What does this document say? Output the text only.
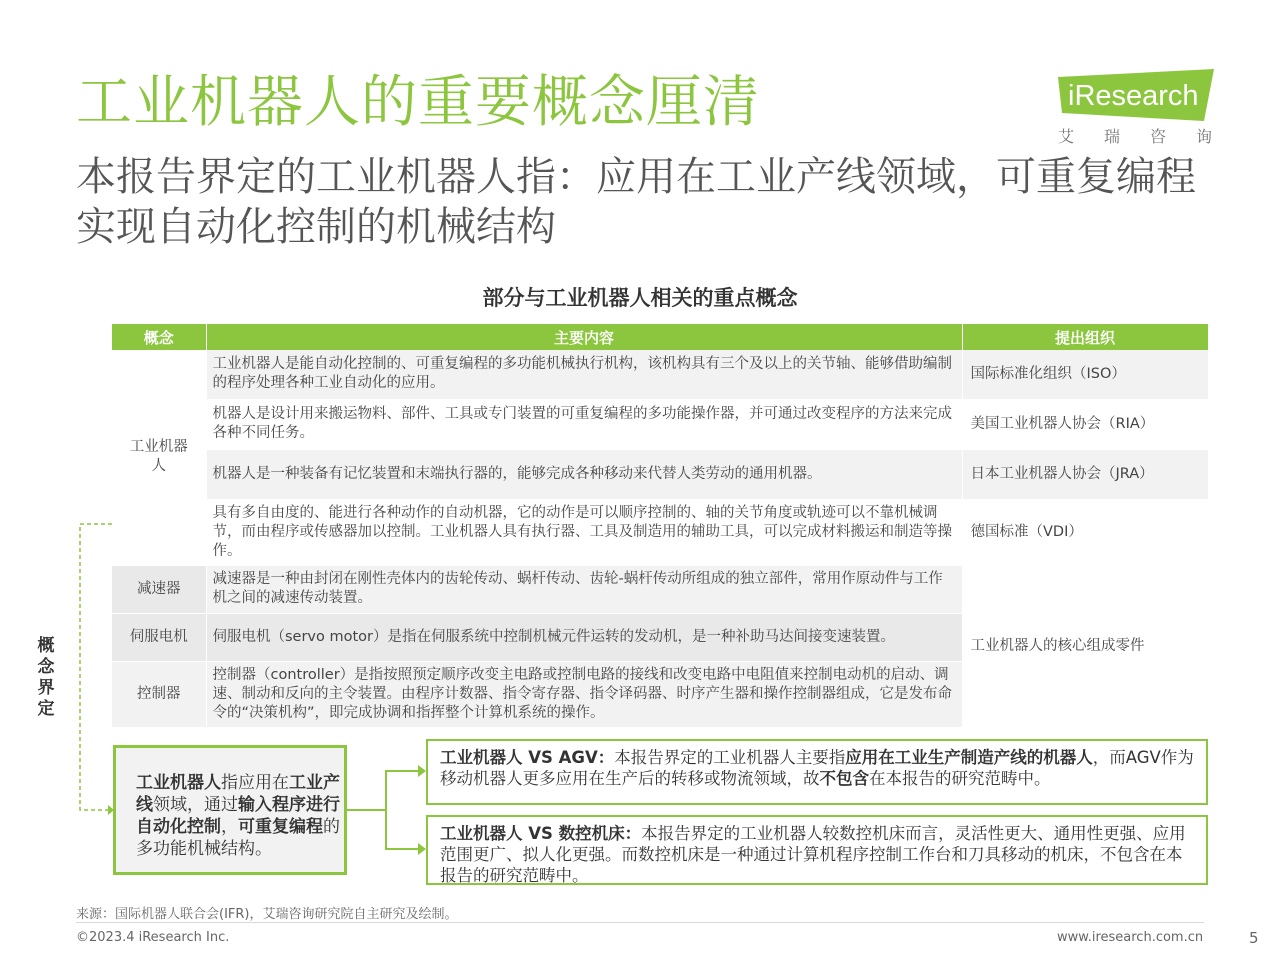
工业机器人的重要概念厘清
本报告界定的工业机器人指：应用在工业产线领域，可重复编程实现自动化控制的机械结构
iResearch
艾 瑞 咨 询
部分与工业机器人相关的重点概念
概念	主要内容	提出组织
工业机器人	工业机器人是能自动化控制的、可重复编程的多功能机械执行机构，该机构具有三个及以上的关节轴、能够借助编制的程序处理各种工业自动化的应用。	国际标准化组织（ISO）
	机器人是设计用来搬运物料、部件、工具或专门装置的可重复编程的多功能操作器，并可通过改变程序的方法来完成各种不同任务。	美国工业机器人协会（RIA）
	机器人是一种装备有记忆装置和末端执行器的，能够完成各种移动来代替人类劳动的通用机器。	日本工业机器人协会（JRA）
	具有多自由度的、能进行各种动作的自动机器，它的动作是可以顺序控制的、轴的关节角度或轨迹可以不靠机械调节，而由程序或传感器加以控制。工业机器人具有执行器、工具及制造用的辅助工具，可以完成材料搬运和制造等操作。	德国标准（VDI）
减速器	减速器是一种由封闭在刚性壳体内的齿轮传动、蜗杆传动、齿轮-蜗杆传动所组成的独立部件，常用作原动件与工作机之间的减速传动装置。	工业机器人的核心组成零件
伺服电机	伺服电机（servo motor）是指在伺服系统中控制机械元件运转的发动机，是一种补助马达间接变速装置。	
控制器	控制器（controller）是指按照预定顺序改变主电路或控制电路的接线和改变电路中电阻值来控制电动机的启动、调速、制动和反向的主令装置。由程序计数器、指令寄存器、指令译码器、时序产生器和操作控制器组成，它是发布命令的“决策机构”，即完成协调和指挥整个计算机系统的操作。	
概
念
界
定
工业机器人指应用在工业产线领域，通过输入程序进行自动化控制，可重复编程的多功能机械结构。
工业机器人 VS AGV：本报告界定的工业机器人主要指应用在工业生产制造产线的机器人，而AGV作为移动机器人更多应用在生产后的转移或物流领域，故不包含在本报告的研究范畴中。
工业机器人 VS 数控机床：本报告界定的工业机器人较数控机床而言，灵活性更大、通用性更强、应用范围更广、拟人化更强。而数控机床是一种通过计算机程序控制工作台和刀具移动的机床，不包含在本报告的研究范畴中。
来源：国际机器人联合会(IFR)，艾瑞咨询研究院自主研究及绘制。
©2023.4 iResearch Inc.	www.iresearch.com.cn	5
